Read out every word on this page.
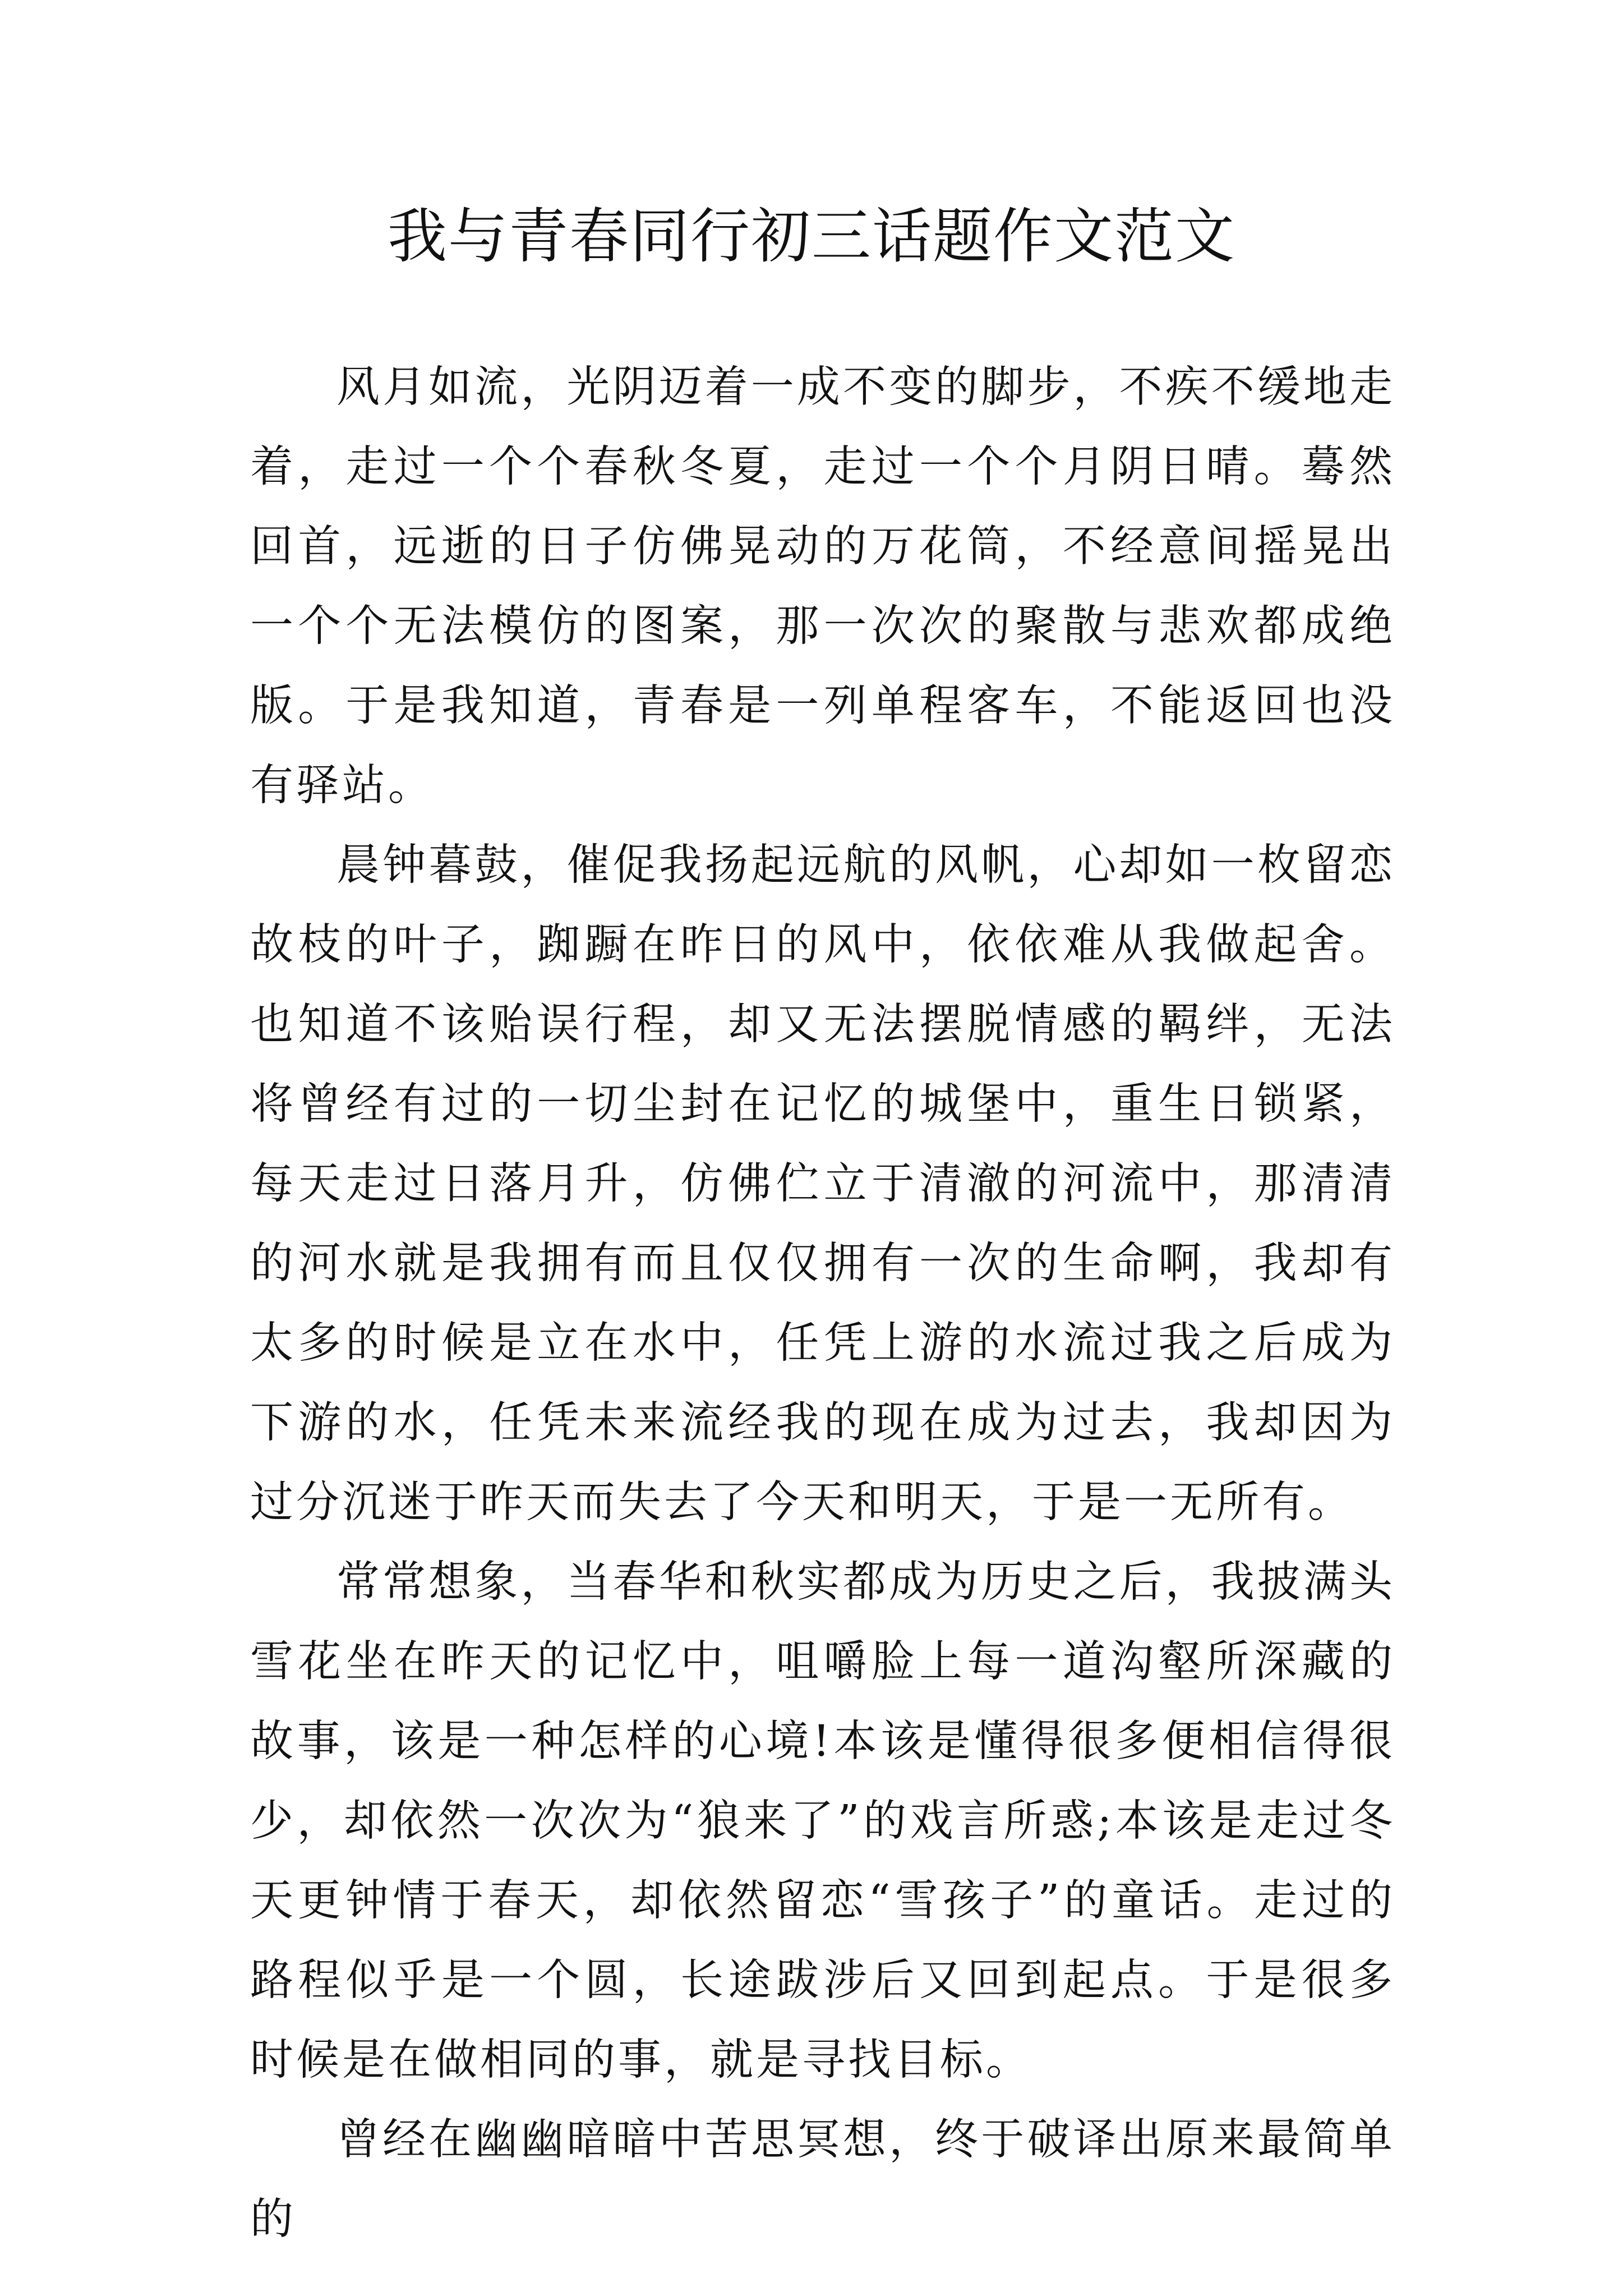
我与青春同行初三话题作文范文

风月如流，光阴迈着一成不变的脚步，不疾不缓地走着，走过一个个春秋冬夏，走过一个个月阴日晴。蓦然回首，远逝的日子仿佛晃动的万花筒，不经意间摇晃出一个个无法模仿的图案，那一次次的聚散与悲欢都成绝版。于是我知道，青春是一列单程客车，不能返回也没有驿站。

晨钟暮鼓，催促我扬起远航的风帆，心却如一枚留恋故枝的叶子，踟蹰在昨日的风中，依依难从我做起舍。也知道不该贻误行程，却又无法摆脱情感的羁绊，无法将曾经有过的一切尘封在记忆的城堡中，重生日锁紧，每天走过日落月升，仿佛伫立于清澈的河流中，那清清的河水就是我拥有而且仅仅拥有一次的生命啊，我却有太多的时候是立在水中，任凭上游的水流过我之后成为下游的水，任凭未来流经我的现在成为过去，我却因为过分沉迷于昨天而失去了今天和明天，于是一无所有。

常常想象，当春华和秋实都成为历史之后，我披满头雪花坐在昨天的记忆中，咀嚼脸上每一道沟壑所深藏的故事，该是一种怎样的心境!本该是懂得很多便相信得很少，却依然一次次为“狼来了”的戏言所惑;本该是走过冬天更钟情于春天，却依然留恋“雪孩子”的童话。走过的路程似乎是一个圆，长途跋涉后又回到起点。于是很多时候是在做相同的事，就是寻找目标。

曾经在幽幽暗暗中苦思冥想，终于破译出原来最简单的
